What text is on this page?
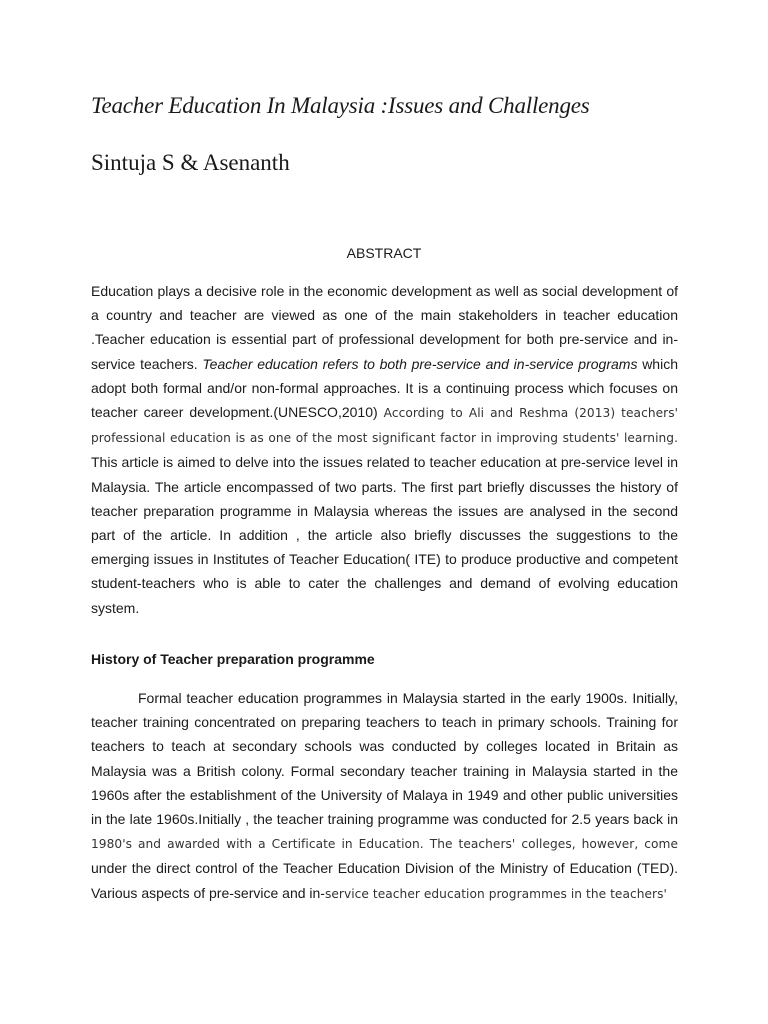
Teacher Education In Malaysia :Issues and Challenges

Sintuja S & Asenanth

ABSTRACT

Education plays a decisive role in the economic development as well as social development of a country and teacher are viewed as one of the main stakeholders in teacher education .Teacher education is essential part of professional development for both pre-service and in-service teachers. Teacher education refers to both pre-service and in-service programs which adopt both formal and/or non-formal approaches. It is a continuing process which focuses on teacher career development.(UNESCO,2010) According to Ali and Reshma (2013) teachers' professional education is as one of the most significant factor in improving students' learning. This article is aimed to delve into the issues related to teacher education at pre-service level in Malaysia. The article encompassed of two parts. The first part briefly discusses the history of teacher preparation programme in Malaysia whereas the issues are analysed in the second part of the article. In addition , the article also briefly discusses the suggestions to the emerging issues in Institutes of Teacher Education( ITE) to produce productive and competent student-teachers who is able to cater the challenges and demand of evolving education system.

History of Teacher preparation programme

Formal teacher education programmes in Malaysia started in the early 1900s. Initially, teacher training concentrated on preparing teachers to teach in primary schools. Training for teachers to teach at secondary schools was conducted by colleges located in Britain as Malaysia was a British colony. Formal secondary teacher training in Malaysia started in the 1960s after the establishment of the University of Malaya in 1949 and other public universities in the late 1960s.Initially , the teacher training programme was conducted for 2.5 years back in 1980's and awarded with a Certificate in Education. The teachers' colleges, however, come under the direct control of the Teacher Education Division of the Ministry of Education (TED). Various aspects of pre-service and in-service teacher education programmes in the teachers'
